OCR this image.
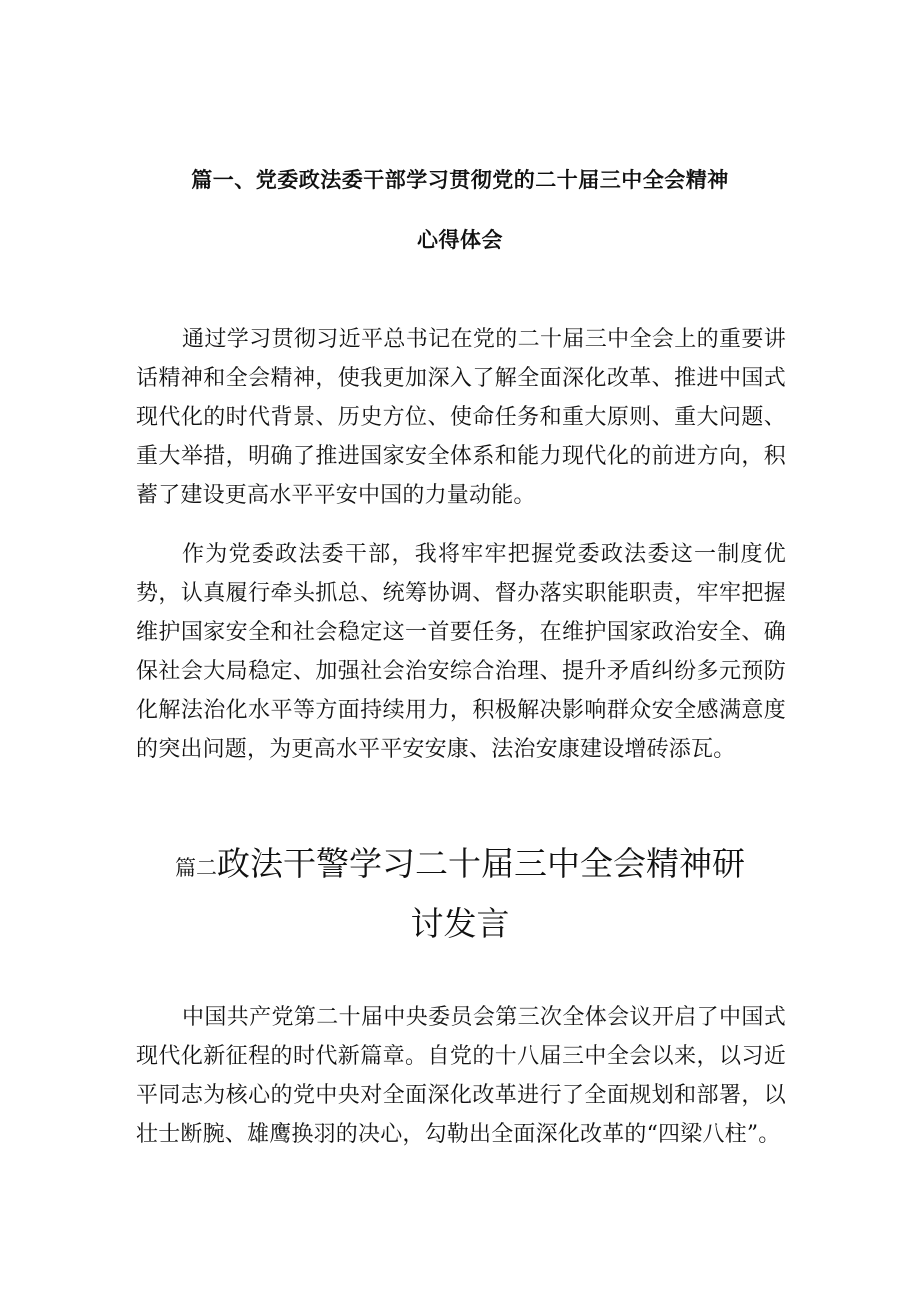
篇一、党委政法委干部学习贯彻党的二十届三中全会精神
心得体会
通过学习贯彻习近平总书记在党的二十届三中全会上的重要讲话精神和全会精神，使我更加深入了解全面深化改革、推进中国式现代化的时代背景、历史方位、使命任务和重大原则、重大问题、重大举措，明确了推进国家安全体系和能力现代化的前进方向，积蓄了建设更高水平平安中国的力量动能。
作为党委政法委干部，我将牢牢把握党委政法委这一制度优势，认真履行牵头抓总、统筹协调、督办落实职能职责，牢牢把握维护国家安全和社会稳定这一首要任务，在维护国家政治安全、确保社会大局稳定、加强社会治安综合治理、提升矛盾纠纷多元预防化解法治化水平等方面持续用力，积极解决影响群众安全感满意度的突出问题，为更高水平平安安康、法治安康建设增砖添瓦。
篇二政法干警学习二十届三中全会精神研
讨发言
中国共产党第二十届中央委员会第三次全体会议开启了中国式现代化新征程的时代新篇章。自党的十八届三中全会以来，以习近平同志为核心的党中央对全面深化改革进行了全面规划和部署，以壮士断腕、雄鹰换羽的决心，勾勒出全面深化改革的“四梁八柱”。
